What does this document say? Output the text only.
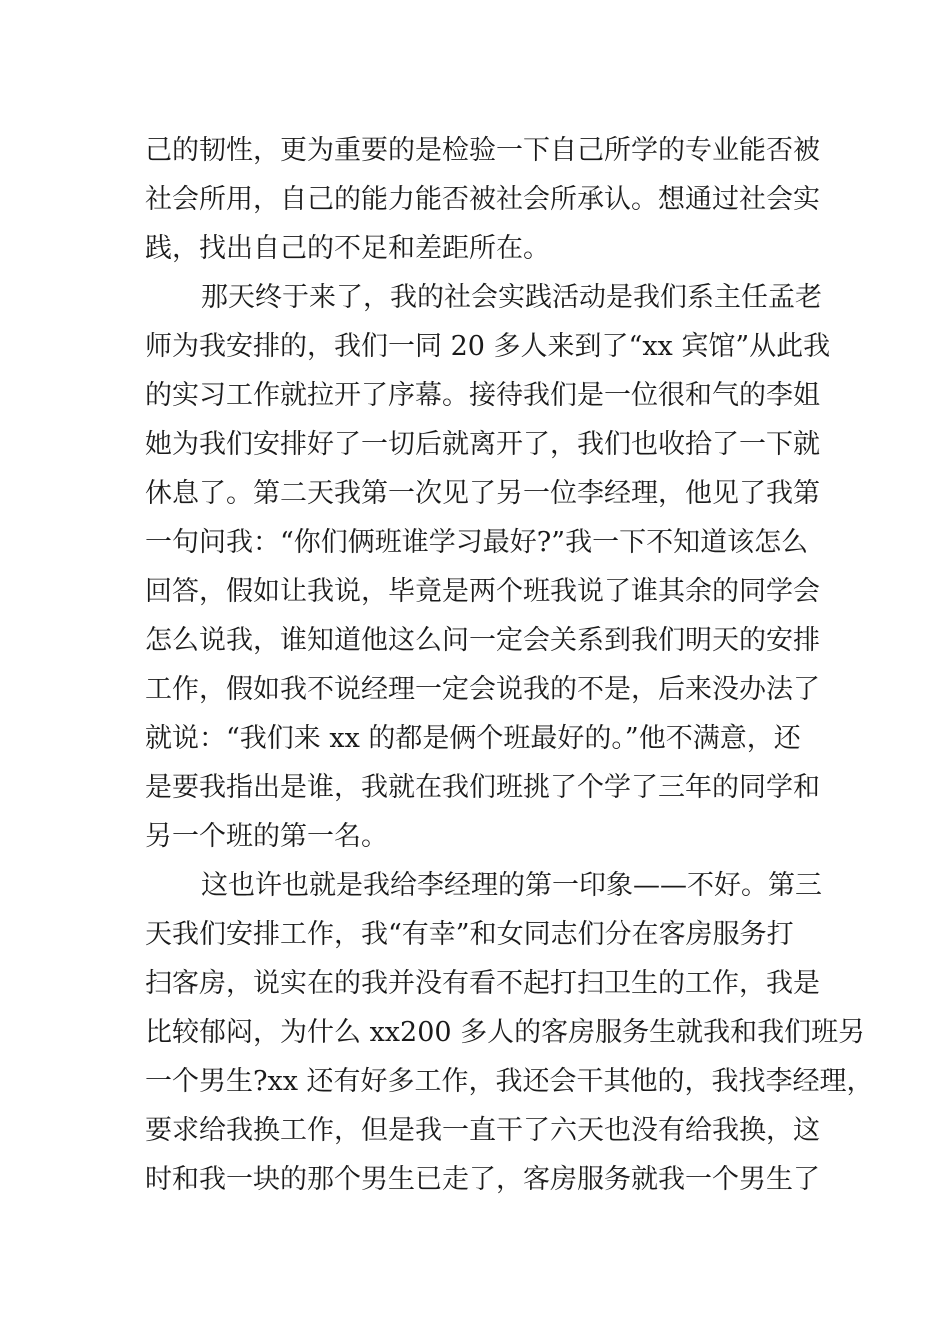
己的韧性，更为重要的是检验一下自己所学的专业能否被
社会所用，自己的能力能否被社会所承认。想通过社会实
践，找出自己的不足和差距所在。
那天终于来了，我的社会实践活动是我们系主任孟老
师为我安排的，我们一同 20 多人来到了“xx 宾馆”从此我
的实习工作就拉开了序幕。接待我们是一位很和气的李姐
她为我们安排好了一切后就离开了，我们也收拾了一下就
休息了。第二天我第一次见了另一位李经理，他见了我第
一句问我：“你们俩班谁学习最好?”我一下不知道该怎么
回答，假如让我说，毕竟是两个班我说了谁其余的同学会
怎么说我，谁知道他这么问一定会关系到我们明天的安排
工作，假如我不说经理一定会说我的不是，后来没办法了
就说：“我们来 xx 的都是俩个班最好的。”他不满意，还
是要我指出是谁，我就在我们班挑了个学了三年的同学和
另一个班的第一名。
这也许也就是我给李经理的第一印象——不好。第三
天我们安排工作，我“有幸”和女同志们分在客房服务打
扫客房，说实在的我并没有看不起打扫卫生的工作，我是
比较郁闷，为什么 xx200 多人的客房服务生就我和我们班另
一个男生?xx 还有好多工作，我还会干其他的，我找李经理，
要求给我换工作，但是我一直干了六天也没有给我换，这
时和我一块的那个男生已走了，客房服务就我一个男生了
